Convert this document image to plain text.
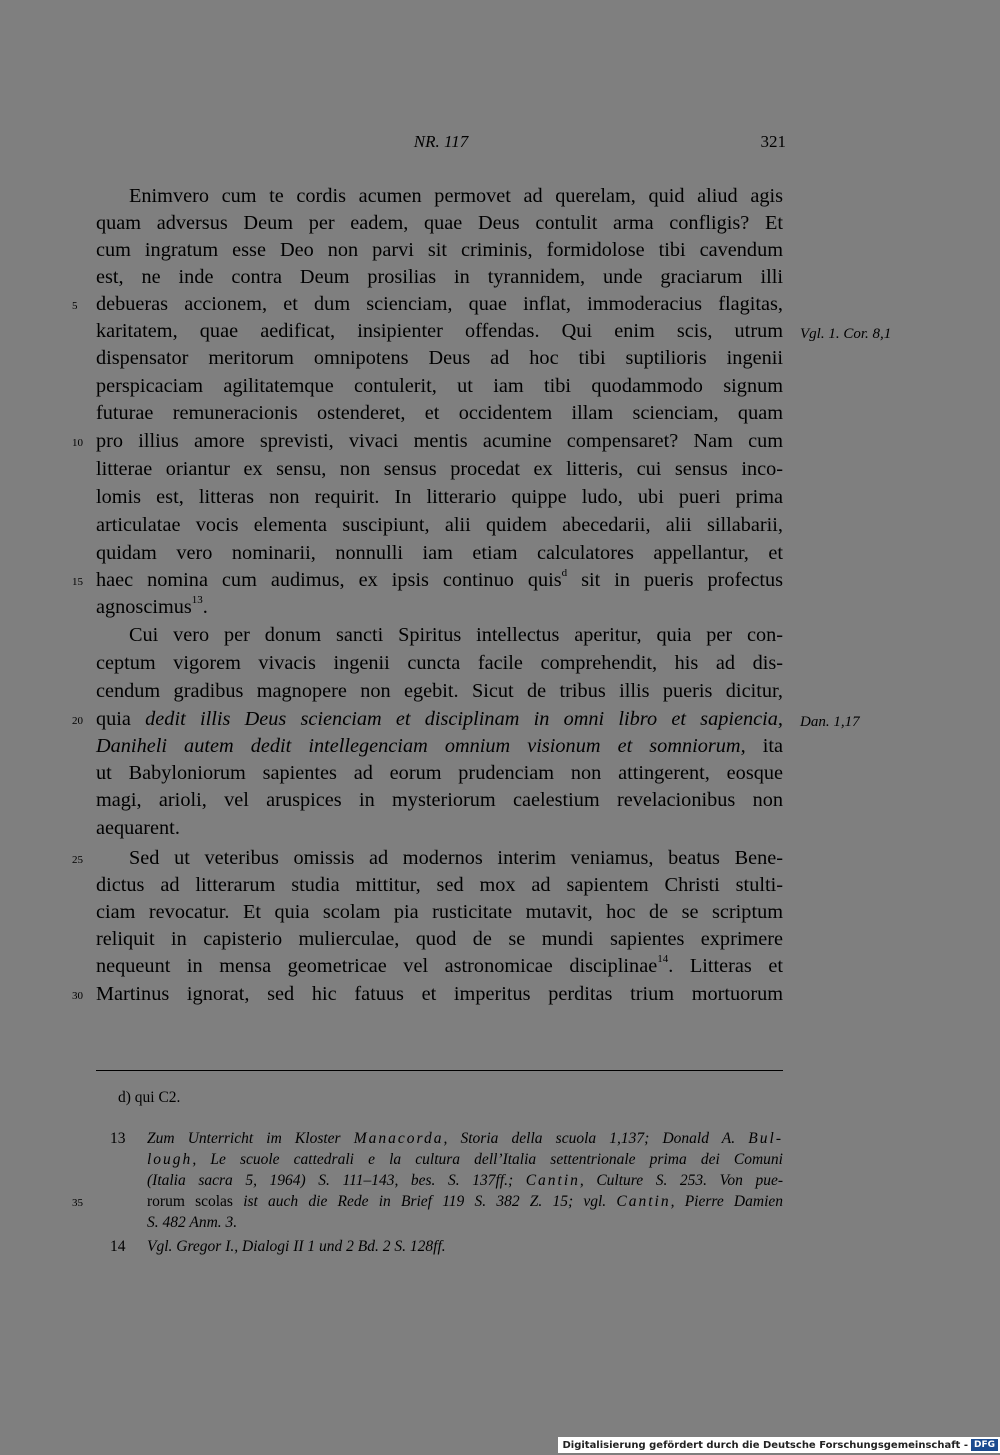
NR. 117	321
Enimvero cum te cordis acumen permovet ad querelam, quid aliud agis
quam adversus Deum per eadem, quae Deus contulit arma confligis? Et
cum ingratum esse Deo non parvi sit criminis, formidolose tibi cavendum
est, ne inde contra Deum prosilias in tyrannidem, unde graciarum illi
debueras accionem, et dum scienciam, quae inflat, immoderacius flagitas,
karitatem, quae aedificat, insipienter offendas. Qui enim scis, utrum
dispensator meritorum omnipotens Deus ad hoc tibi suptilioris ingenii
perspicaciam agilitatemque contulerit, ut iam tibi quodammodo signum
futurae remuneracionis ostenderet, et occidentem illam scienciam, quam
pro illius amore sprevisti, vivaci mentis acumine compensaret? Nam cum
litterae oriantur ex sensu, non sensus procedat ex litteris, cui sensus inco-
lomis est, litteras non requirit. In litterario quippe ludo, ubi pueri prima
articulatae vocis elementa suscipiunt, alii quidem abecedarii, alii sillabarii,
quidam vero nominarii, nonnulli iam etiam calculatores appellantur, et
haec nomina cum audimus, ex ipsis continuo quis$^d$ sit in pueris profectus
agnoscimus$^{13}$.
Cui vero per donum sancti Spiritus intellectus aperitur, quia per con-
ceptum vigorem vivacis ingenii cuncta facile comprehendit, his ad dis-
cendum gradibus magnopere non egebit. Sicut de tribus illis pueris dicitur,
quia dedit illis Deus scienciam et disciplinam in omni libro et sapiencia,
Daniheli autem dedit intellegenciam omnium visionum et somniorum, ita
ut Babyloniorum sapientes ad eorum prudenciam non attingerent, eosque
magi, arioli, vel aruspices in mysteriorum caelestium revelacionibus non
aequarent.
Sed ut veteribus omissis ad modernos interim veniamus, beatus Bene-
dictus ad litterarum studia mittitur, sed mox ad sapientem Christi stulti-
ciam revocatur. Et quia scolam pia rusticitate mutavit, hoc de se scriptum
reliquit in capisterio mulierculae, quod de se mundi sapientes exprimere
nequeunt in mensa geometricae vel astronomicae disciplinae$^{14}$. Litteras et
Martinus ignorat, sed hic fatuus et imperitus perditas trium mortuorum
5
10
15
20
25
30
35
Vgl. 1. Cor. 8,1
Dan. 1,17
d) qui C2.
13 Zum Unterricht im Kloster Manacorda, Storia della scuola 1,137; Donald A. Bul-
lough, Le scuole cattedrali e la cultura dell’Italia settentrionale prima dei Comuni
(Italia sacra 5, 1964) S. 111–143, bes. S. 137ff.; Cantin, Culture S. 253. Von pue-
rorum scolas ist auch die Rede in Brief 119 S. 382 Z. 15; vgl. Cantin, Pierre Damien
S. 482 Anm. 3.
14 Vgl. Gregor I., Dialogi II 1 und 2 Bd. 2 S. 128ff.
Digitalisierung gefördert durch die Deutsche Forschungsgemeinschaft - DFG
